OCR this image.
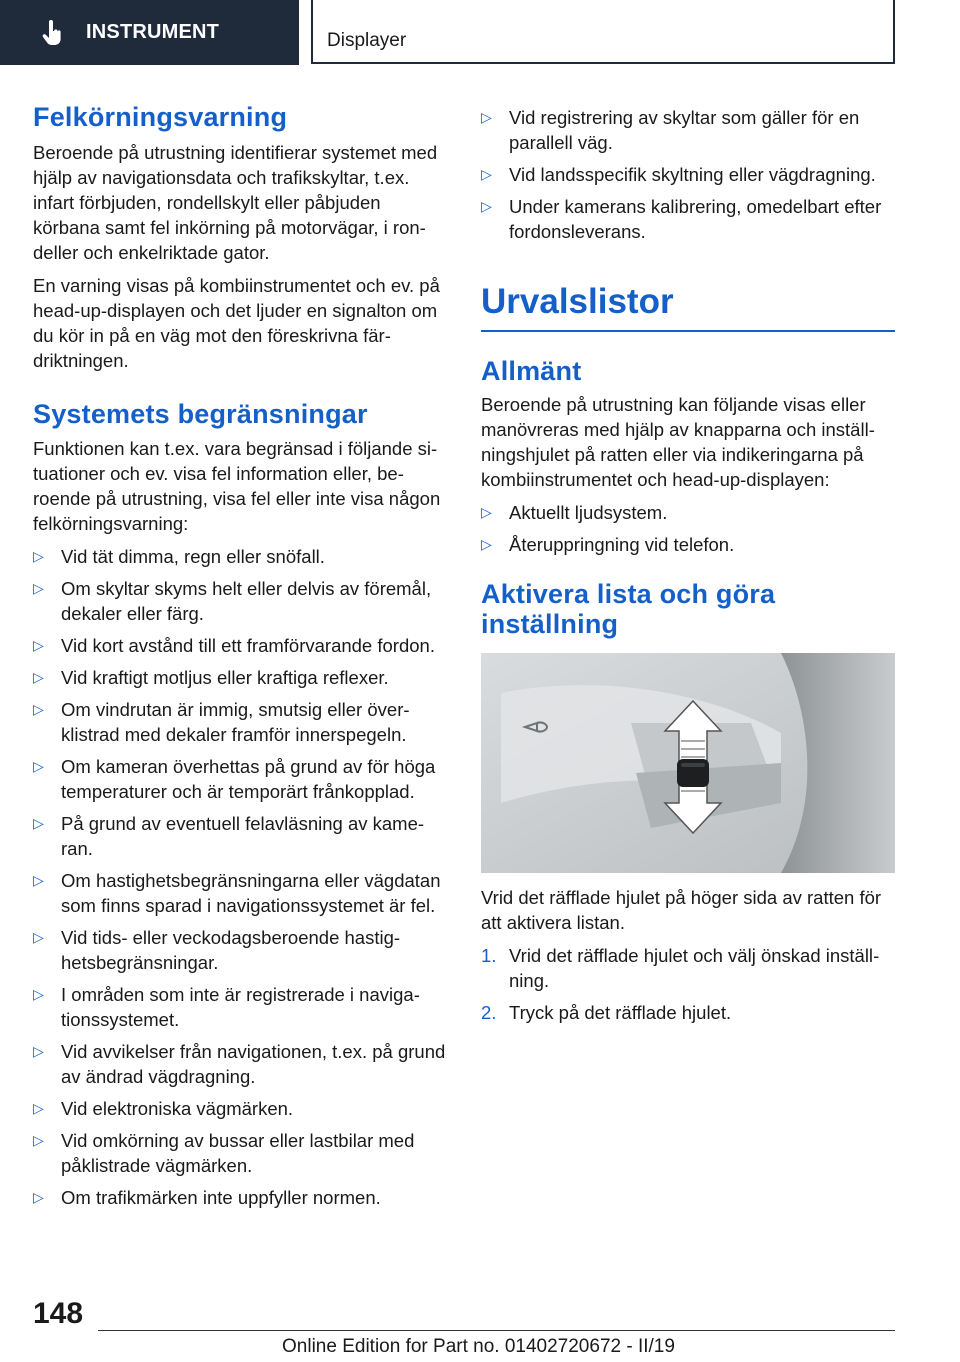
INSTRUMENT	Displayer
Felkörningsvarning

Beroende på utrustning identifierar systemet med hjälp av navigationsdata och trafikskyltar, t.ex. infart förbjuden, rondellskylt eller påbjuden körbana samt fel inkörning på motorvägar, i rondeller och enkelriktade gator.

En varning visas på kombiinstrumentet och ev. på head-up-displayen och det ljuder en signalton om du kör in på en väg mot den föreskrivna färdriktningen.

Systemets begränsningar

Funktionen kan t.ex. vara begränsad i följande situationer och ev. visa fel information eller, beroende på utrustning, visa fel eller inte visa någon felkörningsvarning:

▷ Vid tät dimma, regn eller snöfall.
▷ Om skyltar skyms helt eller delvis av föremål, dekaler eller färg.
▷ Vid kort avstånd till ett framförvarande fordon.
▷ Vid kraftigt motljus eller kraftiga reflexer.
▷ Om vindrutan är immig, smutsig eller överklistrad med dekaler framför innerspegeln.
▷ Om kameran överhettas på grund av för höga temperaturer och är temporärt frånkopplad.
▷ På grund av eventuell felavläsning av kameran.
▷ Om hastighetsbegränsningarna eller vägdatan som finns sparad i navigationssystemet är fel.
▷ Vid tids- eller veckodagsberoende hastighetsbegränsningar.
▷ I områden som inte är registrerade i navigationssystemet.
▷ Vid avvikelser från navigationen, t.ex. på grund av ändrad vägdragning.
▷ Vid elektroniska vägmärken.
▷ Vid omkörning av bussar eller lastbilar med påklistrade vägmärken.
▷ Om trafikmärken inte uppfyller normen.
▷ Vid registrering av skyltar som gäller för en parallell väg.
▷ Vid landsspecifik skyltning eller vägdragning.
▷ Under kamerans kalibrering, omedelbart efter fordonsleverans.
Urvalslistor
Allmänt

Beroende på utrustning kan följande visas eller manövreras med hjälp av knapparna och inställningshjulet på ratten eller via indikeringarna på kombiinstrumentet och head-up-displayen:

▷ Aktuellt ljudsystem.
▷ Återuppringning vid telefon.
Aktivera lista och göra inställning

Vrid det räfflade hjulet på höger sida av ratten för att aktivera listan.

1. Vrid det räfflade hjulet och välj önskad inställning.
2. Tryck på det räfflade hjulet.
148
Online Edition for Part no. 01402720672 - II/19
